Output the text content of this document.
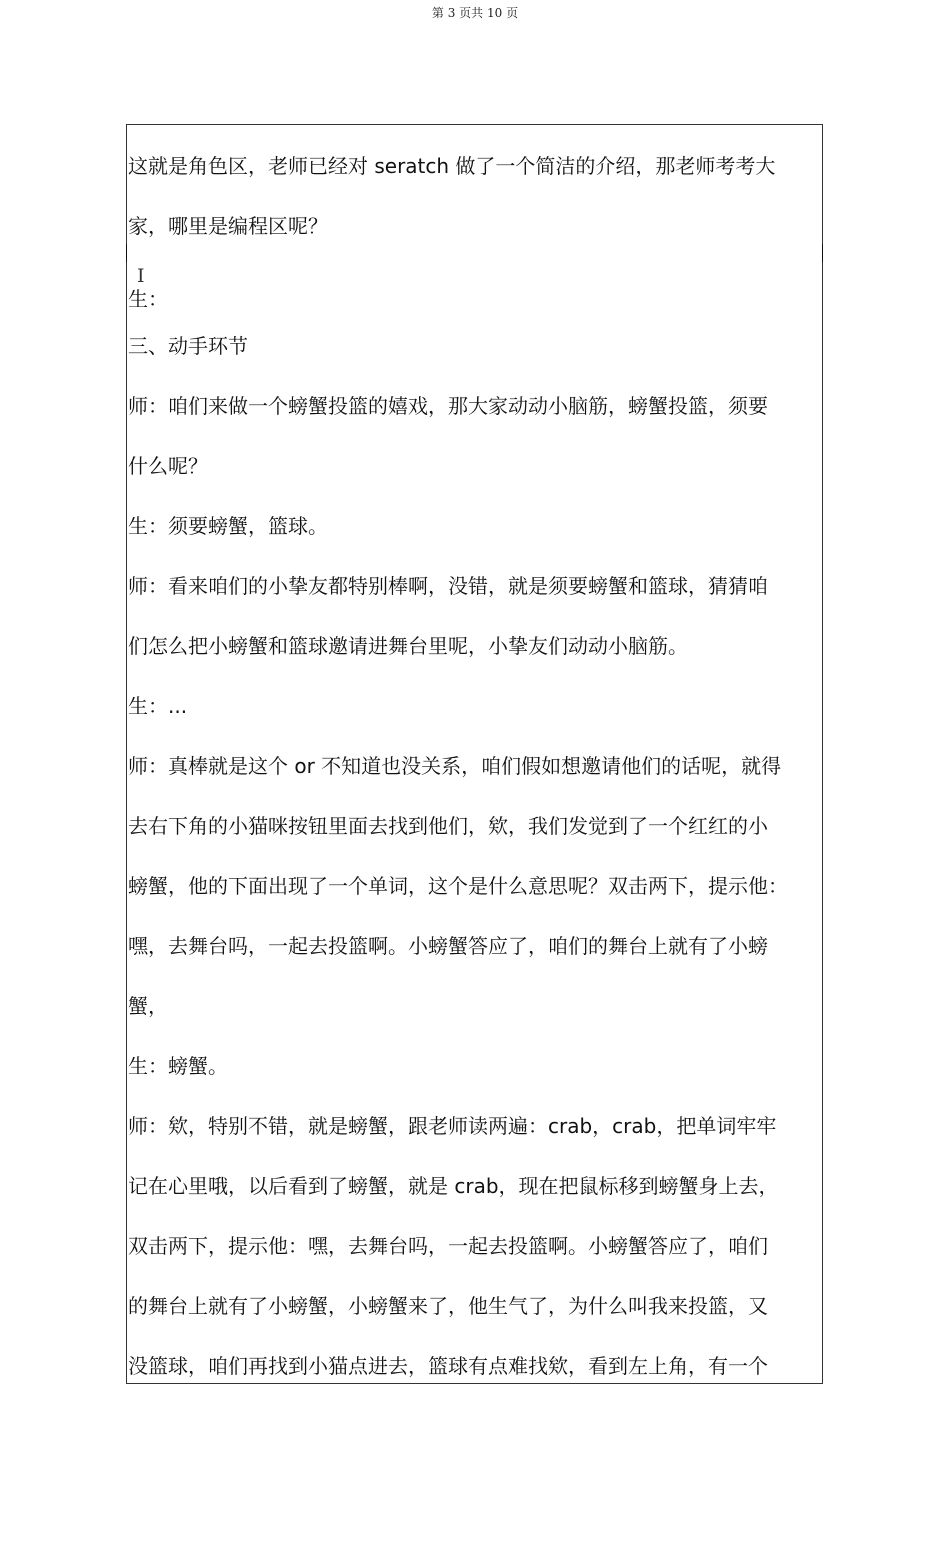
第 3 页共 10 页
I
这就是角色区，老师已经对 seratch 做了一个简洁的介绍，那老师考考大
家，哪里是编程区呢？
生：
三、动手环节
师：咱们来做一个螃蟹投篮的嬉戏，那大家动动小脑筋，螃蟹投篮，须要
什么呢？
生：须要螃蟹，篮球。
师：看来咱们的小挚友都特别棒啊，没错，就是须要螃蟹和篮球，猜猜咱
们怎么把小螃蟹和篮球邀请进舞台里呢，小挚友们动动小脑筋。
生：...
师：真棒就是这个 or 不知道也没关系，咱们假如想邀请他们的话呢，就得
去右下角的小猫咪按钮里面去找到他们，欸，我们发觉到了一个红红的小
螃蟹，他的下面出现了一个单词，这个是什么意思呢？双击两下，提示他：
嘿，去舞台吗，一起去投篮啊。小螃蟹答应了，咱们的舞台上就有了小螃
蟹，
生：螃蟹。
师：欸，特别不错，就是螃蟹，跟老师读两遍：crab，crab，把单词牢牢
记在心里哦，以后看到了螃蟹，就是 crab，现在把鼠标移到螃蟹身上去，
双击两下，提示他：嘿，去舞台吗，一起去投篮啊。小螃蟹答应了，咱们
的舞台上就有了小螃蟹，小螃蟹来了，他生气了，为什么叫我来投篮，又
没篮球，咱们再找到小猫点进去，篮球有点难找欸，看到左上角，有一个
